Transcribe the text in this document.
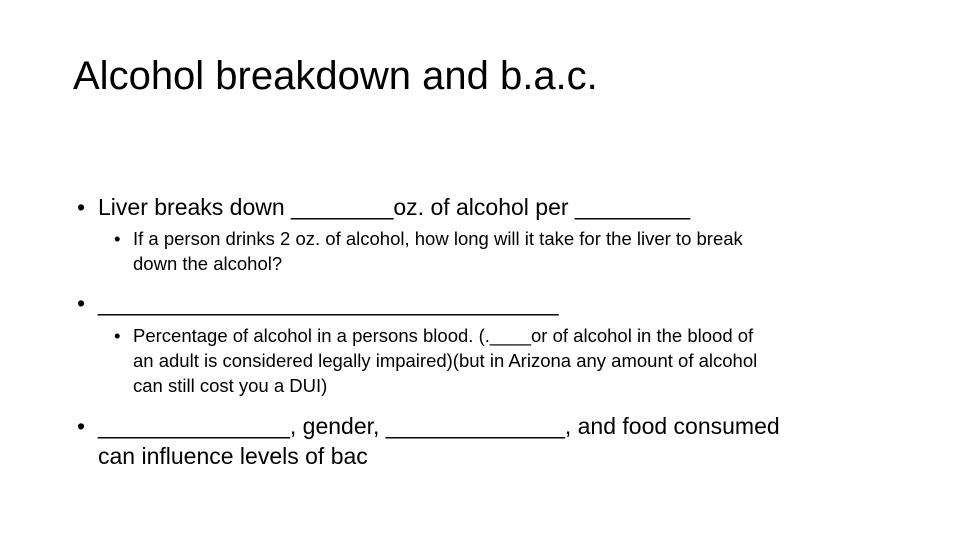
Alcohol breakdown and b.a.c.
• Liver breaks down ________oz. of alcohol per _________
• If a person drinks 2 oz. of alcohol, how long will it take for the liver to break
down the alcohol?
• ____________________________________
• Percentage of alcohol in a persons blood. (.____or of alcohol in the blood of
an adult is considered legally impaired)(but in Arizona any amount of alcohol
can still cost you a DUI)
• _______________, gender, ______________, and food consumed
can influence levels of bac
